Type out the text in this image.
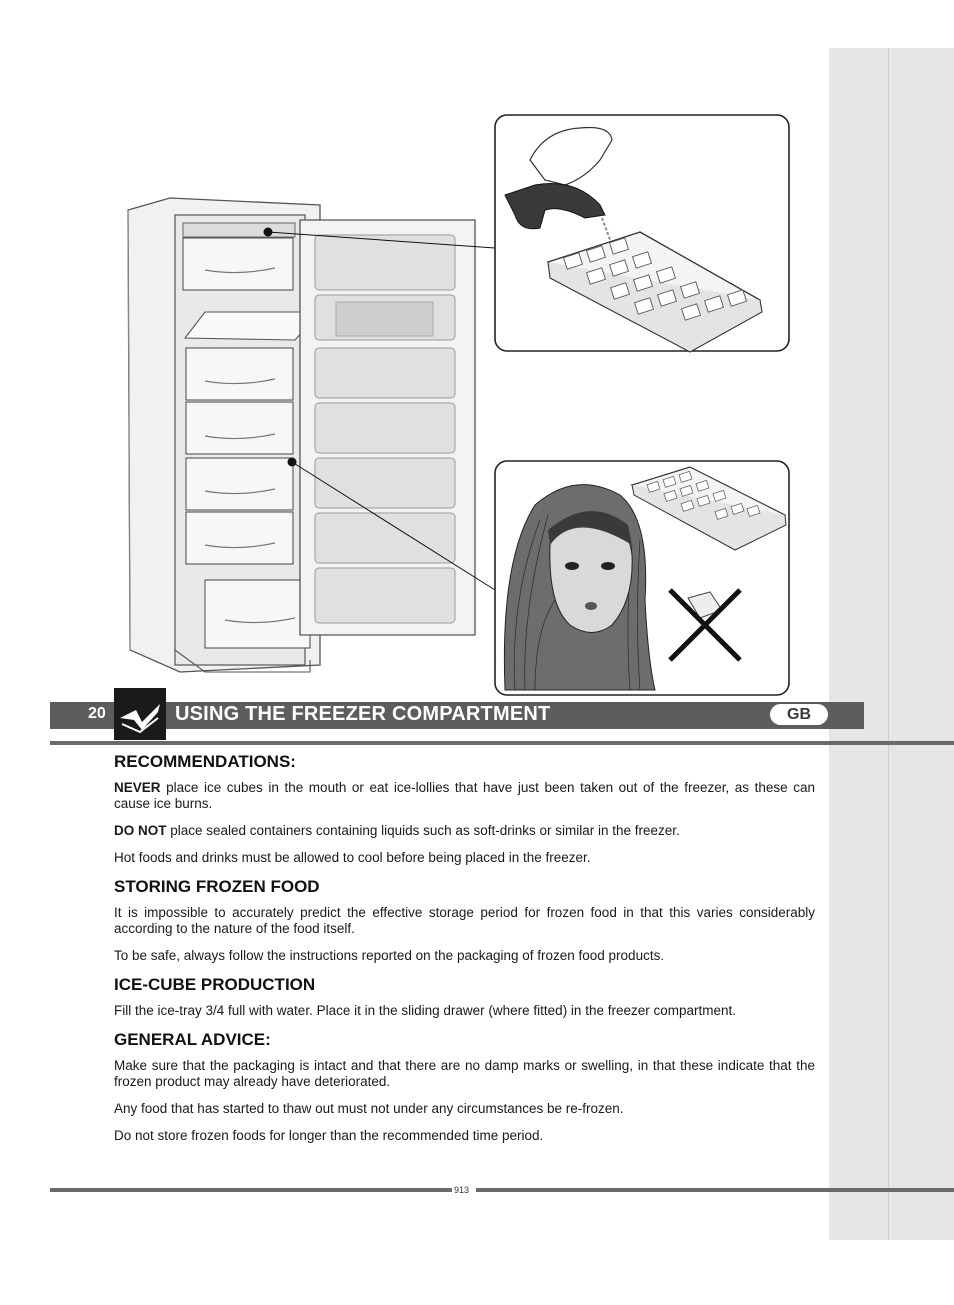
20	USING THE FREEZER COMPARTMENT	GB
RECOMMENDATIONS:

NEVER place ice cubes in the mouth or eat ice-lollies that have just been taken out of the freezer, as these can cause ice burns.

DO NOT place sealed containers containing liquids such as soft-drinks or similar in the freezer.

Hot foods and drinks must be allowed to cool before being placed in the freezer.

STORING FROZEN FOOD

It is impossible to accurately predict the effective storage period for frozen food in that this varies considerably according to the nature of the food itself.

To be safe, always follow the instructions reported on the packaging of frozen food products.

ICE-CUBE PRODUCTION

Fill the ice-tray 3/4 full with water. Place it in the sliding drawer (where fitted) in the freezer compartment.

GENERAL ADVICE:

Make sure that the packaging is intact and that there are no damp marks or swelling, in that these indicate that the frozen product may already have deteriorated.

Any food that has started to thaw out must not under any circumstances be re-frozen.

Do not store frozen foods for longer than the recommended time period.

913
